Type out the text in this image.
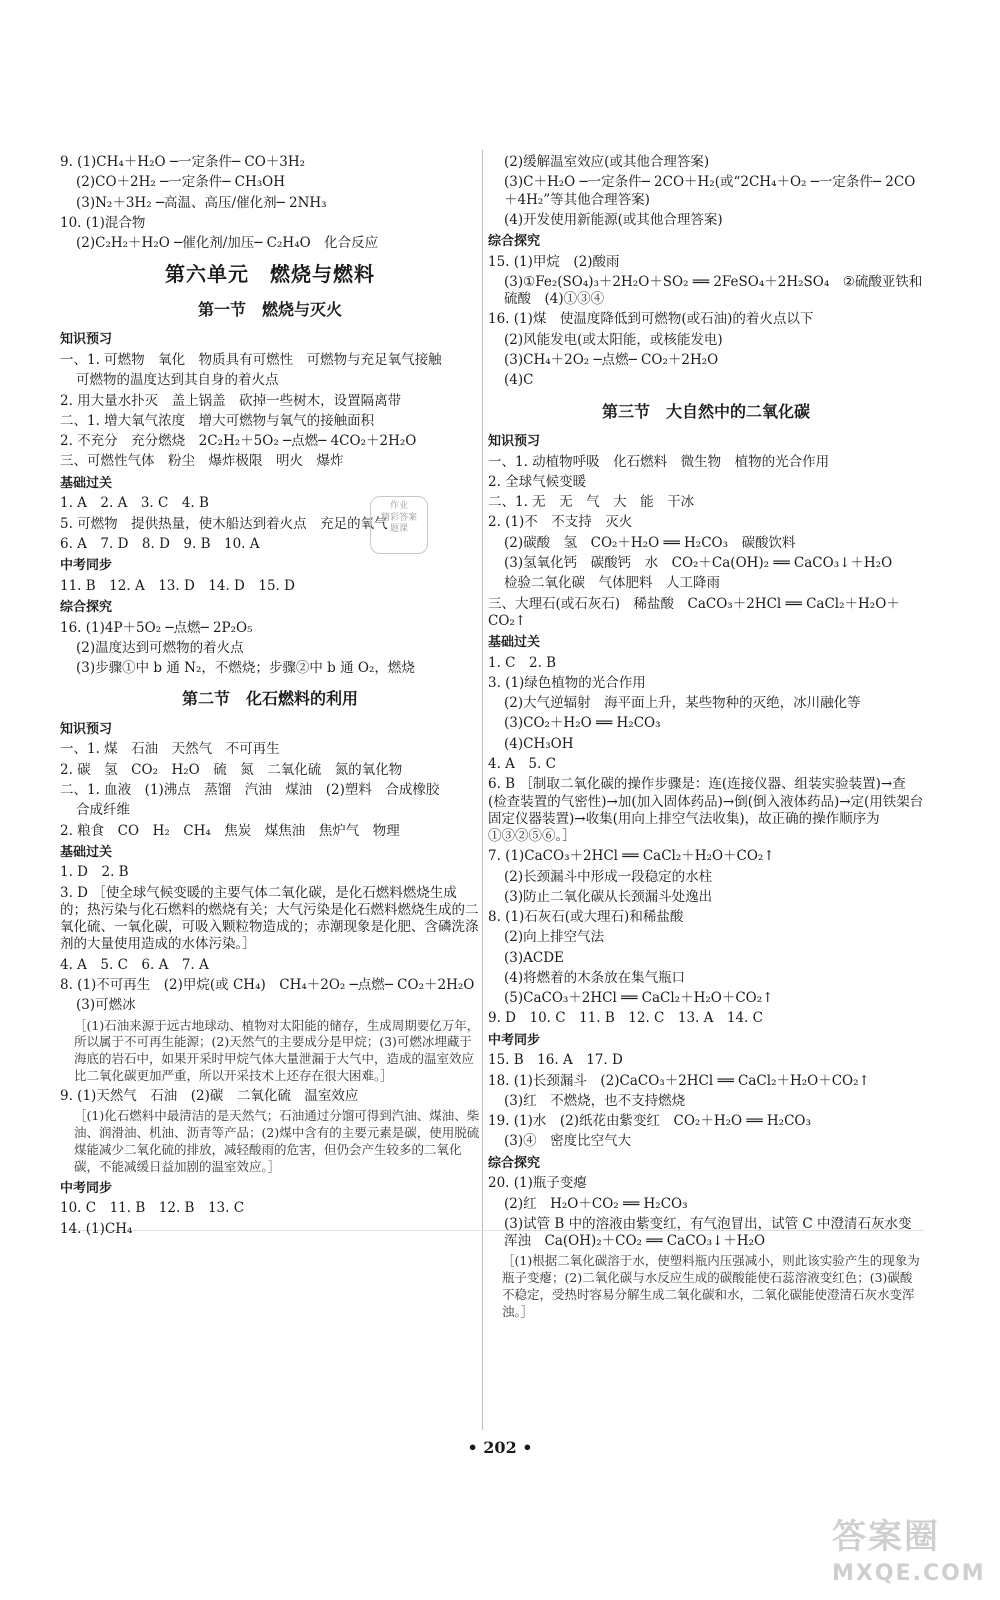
9. (1)CH₄＋H₂O ─一定条件─ CO＋3H₂
(2)CO＋2H₂ ─一定条件─ CH₃OH
(3)N₂＋3H₂ ─高温、高压/催化剂─ 2NH₃
10. (1)混合物
(2)C₂H₂＋H₂O ─催化剂/加压─ C₂H₄O　化合反应
第六单元　燃烧与燃料
第一节　燃烧与灭火
知识预习
一、1. 可燃物　氧化　物质具有可燃性　可燃物与充足氧气接触
可燃物的温度达到其自身的着火点
2. 用大量水扑灭　盖上锅盖　砍掉一些树木，设置隔离带
二、1. 增大氧气浓度　增大可燃物与氧气的接触面积
2. 不充分　充分燃烧　2C₂H₂＋5O₂ ─点燃─ 4CO₂＋2H₂O
三、可燃性气体　粉尘　爆炸极限　明火　爆炸
基础过关
1. A　2. A　3. C　4. B
5. 可燃物　提供热量，使木船达到着火点　充足的氧气
6. A　7. D　8. D　9. B　10. A
中考同步
11. B　12. A　13. D　14. D　15. D
综合探究
16. (1)4P＋5O₂ ─点燃─ 2P₂O₅
(2)温度达到可燃物的着火点
(3)步骤①中 b 通 N₂，不燃烧；步骤②中 b 通 O₂，燃烧
第二节　化石燃料的利用
知识预习
一、1. 煤　石油　天然气　不可再生
2. 碳　氢　CO₂　H₂O　硫　氮　二氧化硫　氮的氧化物
二、1. 血液　(1)沸点　蒸馏　汽油　煤油　(2)塑料　合成橡胶
合成纤维
2. 粮食　CO　H₂　CH₄　焦炭　煤焦油　焦炉气　物理
基础过关
1. D　2. B
3. D ［使全球气候变暖的主要气体二氧化碳，是化石燃料燃烧生成的；热污染与化石燃料的燃烧有关；大气污染是化石燃料燃烧生成的二氧化硫、一氧化碳，可吸入颗粒物造成的；赤潮现象是化肥、含磷洗涤剂的大量使用造成的水体污染。］
4. A　5. C　6. A　7. A
8. (1)不可再生　(2)甲烷(或 CH₄)　CH₄＋2O₂ ─点燃─ CO₂＋2H₂O
(3)可燃冰
［(1)石油来源于远古地球动、植物对太阳能的储存，生成周期要亿万年，所以属于不可再生能源；(2)天然气的主要成分是甲烷；(3)可燃冰埋藏于海底的岩石中，如果开采时甲烷气体大量泄漏于大气中，造成的温室效应比二氧化碳更加严重，所以开采技术上还存在很大困难。］
9. (1)天然气　石油　(2)碳　二氧化硫　温室效应
［(1)化石燃料中最清洁的是天然气；石油通过分馏可得到汽油、煤油、柴油、润滑油、机油、沥青等产品；(2)煤中含有的主要元素是碳，使用脱硫煤能减少二氧化硫的排放，减轻酸雨的危害，但仍会产生较多的二氧化碳，不能减缓日益加剧的温室效应。］
中考同步
10. C　11. B　12. B　13. C
14. (1)CH₄
(2)缓解温室效应(或其他合理答案)
(3)C＋H₂O ─一定条件─ 2CO＋H₂(或“2CH₄＋O₂ ─一定条件─ 2CO＋4H₂”等其他合理答案)
(4)开发使用新能源(或其他合理答案)
综合探究
15. (1)甲烷　(2)酸雨
(3)①Fe₂(SO₄)₃＋2H₂O＋SO₂ ══ 2FeSO₄＋2H₂SO₄　②硫酸亚铁和硫酸　(4)①③④
16. (1)煤　使温度降低到可燃物(或石油)的着火点以下
(2)风能发电(或太阳能，或核能发电)
(3)CH₄＋2O₂ ─点燃─ CO₂＋2H₂O
(4)C
第三节　大自然中的二氧化碳
知识预习
一、1. 动植物呼吸　化石燃料　微生物　植物的光合作用
2. 全球气候变暖
二、1. 无　无　气　大　能　干冰
2. (1)不　不支持　灭火
(2)碳酸　氢　CO₂＋H₂O ══ H₂CO₃　碳酸饮料
(3)氢氧化钙　碳酸钙　水　CO₂＋Ca(OH)₂ ══ CaCO₃↓＋H₂O
检验二氧化碳　气体肥料　人工降雨
三、大理石(或石灰石)　稀盐酸　CaCO₃＋2HCl ══ CaCl₂＋H₂O＋CO₂↑
基础过关
1. C　2. B
3. (1)绿色植物的光合作用
(2)大气逆辐射　海平面上升，某些物种的灭绝，冰川融化等
(3)CO₂＋H₂O ══ H₂CO₃
(4)CH₃OH
4. A　5. C
6. B ［制取二氧化碳的操作步骤是：连(连接仪器、组装实验装置)→查(检查装置的气密性)→加(加入固体药品)→倒(倒入液体药品)→定(用铁架台固定仪器装置)→收集(用向上排空气法收集)，故正确的操作顺序为①③②⑤⑥。］
7. (1)CaCO₃＋2HCl ══ CaCl₂＋H₂O＋CO₂↑
(2)长颈漏斗中形成一段稳定的水柱
(3)防止二氧化碳从长颈漏斗处逸出
8. (1)石灰石(或大理石)和稀盐酸
(2)向上排空气法
(3)ACDE
(4)将燃着的木条放在集气瓶口
(5)CaCO₃＋2HCl ══ CaCl₂＋H₂O＋CO₂↑
9. D　10. C　11. B　12. C　13. A　14. C
中考同步
15. B　16. A　17. D
18. (1)长颈漏斗　(2)CaCO₃＋2HCl ══ CaCl₂＋H₂O＋CO₂↑
(3)红　不燃烧，也不支持燃烧
19. (1)水　(2)纸花由紫变红　CO₂＋H₂O ══ H₂CO₃
(3)④　密度比空气大
综合探究
20. (1)瓶子变瘪
(2)红　H₂O＋CO₂ ══ H₂CO₃
(3)试管 B 中的溶液由紫变红，有气泡冒出，试管 C 中澄清石灰水变浑浊　Ca(OH)₂＋CO₂ ══ CaCO₃↓＋H₂O
［(1)根据二氧化碳溶于水，使塑料瓶内压强减小，则此该实验产生的现象为瓶子变瘪；(2)二氧化碳与水反应生成的碳酸能使石蕊溶液变红色；(3)碳酸不稳定，受热时容易分解生成二氧化碳和水，二氧化碳能使澄清石灰水变浑浊。］
作业
精彩答案
题课
• 202 •
答案圈
MXQE.COM
